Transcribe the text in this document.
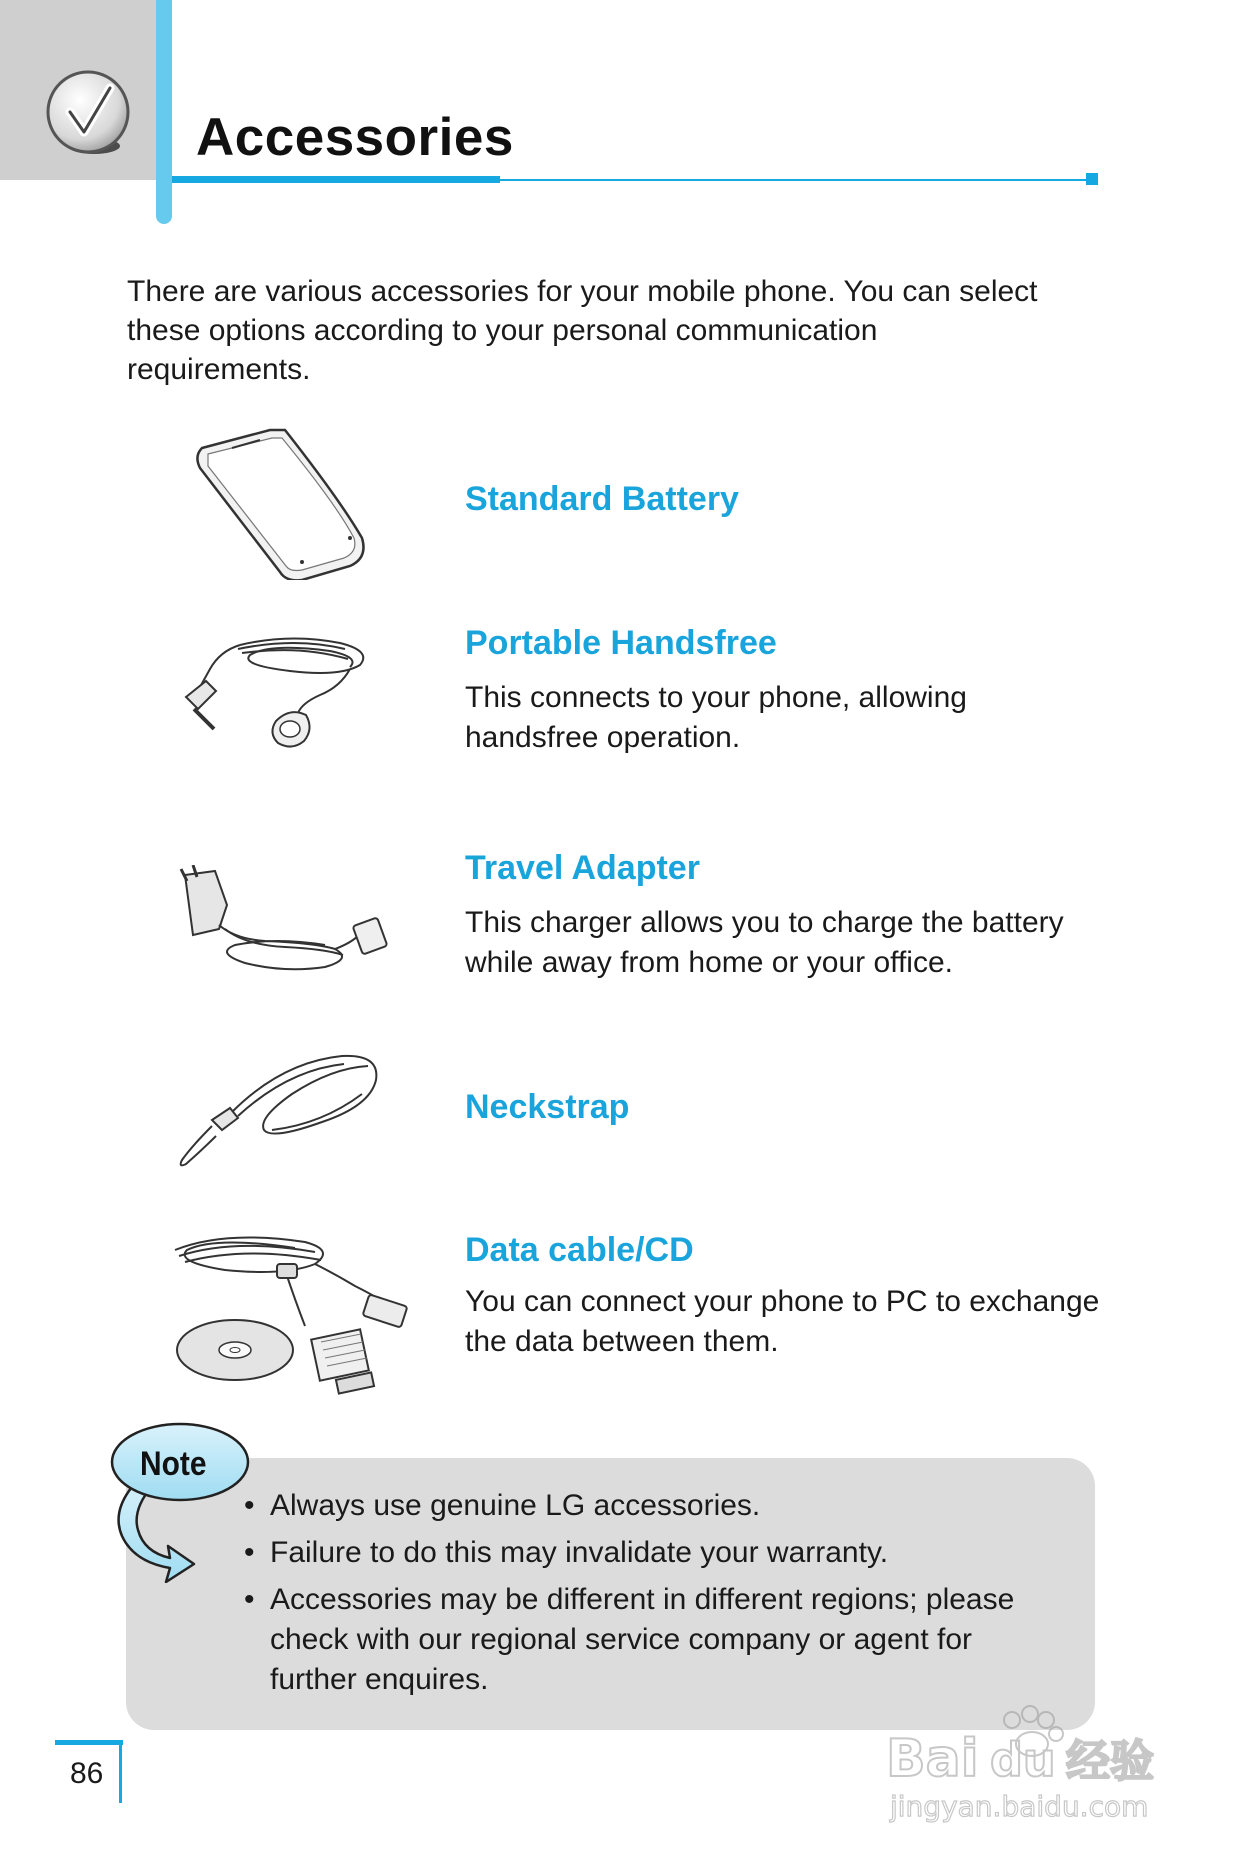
Accessories

There are various accessories for your mobile phone. You can select these options according to your personal communication requirements.

Standard Battery
Portable Handsfree

This connects to your phone, allowing handsfree operation.

Travel Adapter

This charger allows you to charge the battery while away from home or your office.

Neckstrap
Data cable/CD

You can connect your phone to PC to exchange the data between them.

• Always use genuine LG accessories.
• Failure to do this may invalidate your warranty.
• Accessories may be different in different regions; please check with our regional service company or agent for further enquires.
Note
86	Bai du 经验
jingyan.baidu.com
